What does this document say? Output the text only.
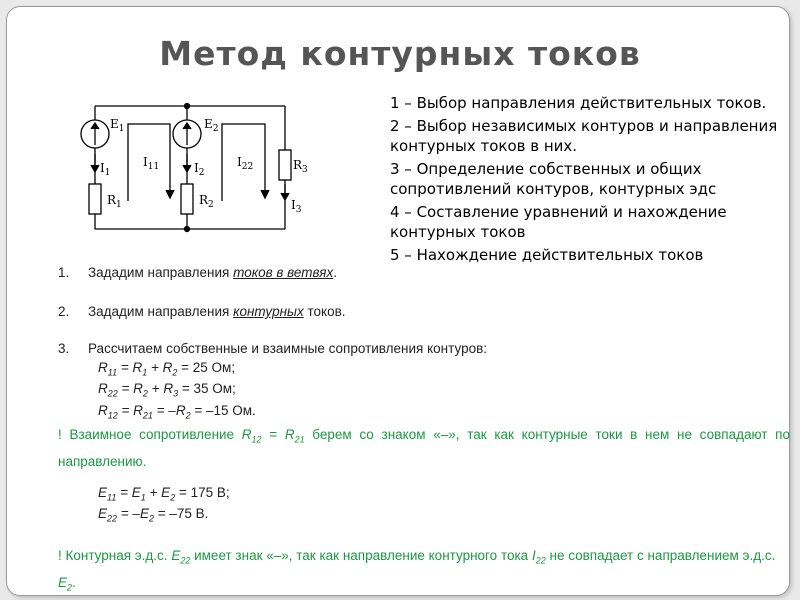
Метод контурных токов
$E_1$	$E_2$
$I_1$	$I_2$
$I_3$
$I_{11}$	$I_{22}$
$R_1$	$R_2$
$R_3$
1 – Выбор направления действительных токов.
2 – Выбор независимых контуров и направления контурных токов в них.
3 – Определение собственных и общих сопротивлений контуров, контурных эдс
4 – Составление уравнений и нахождение контурных токов
5 – Нахождение действительных токов
1. Зададим направления токов в ветвях.
2. Зададим направления контурных токов.
3. Рассчитаем собственные и взаимные сопротивления контуров:
$R_{11} = R_1 + R_2 = 25$ Ом;
$R_{22} = R_2 + R_3 = 35$ Ом;
$R_{12} = R_{21} = -R_2 = -15$ Ом.
! Взаимное сопротивление $R_{12} = R_{21}$ берем со знаком «–», так как контурные токи в нем не совпадают по направлению.
$E_{11} = E_1 + E_2 = 175$ В;
$E_{22} = -E_2 = -75$ В.
! Контурная э.д.с. $E_{22}$ имеет знак «–», так как направление контурного тока $I_{22}$ не совпадает с направлением э.д.с. $E_2$.
